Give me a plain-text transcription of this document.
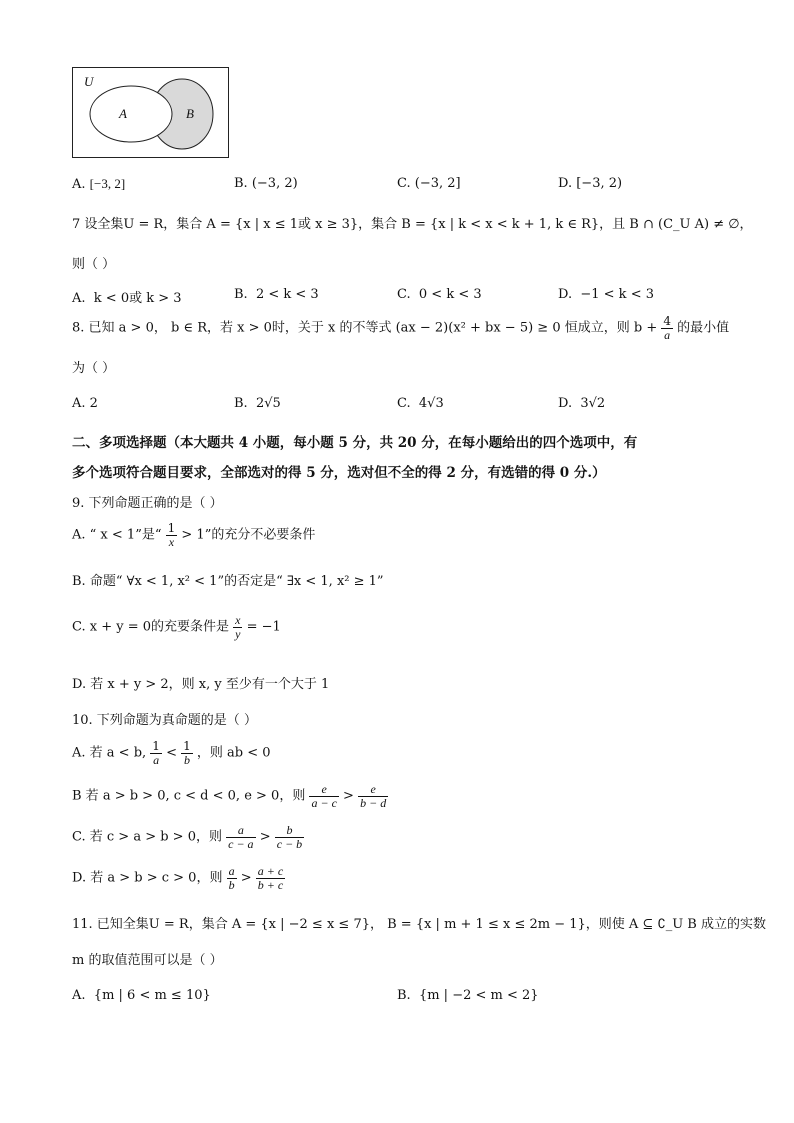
U
A	B
A. [−3, 2]	B. (−3, 2)	C. (−3, 2]	D. [−3, 2)
7 设全集U = R，集合 A = {x | x ≤ 1或 x ≥ 3}，集合 B = {x | k < x < k + 1, k ∈ R}，且 B ∩ (C_U A) ≠ ∅，
则（ ）
A. k < 0或 k > 3	B. 2 < k < 3	C. 0 < k < 3	D. −1 < k < 3
8. 已知 a > 0， b ∈ R，若 x > 0时，关于 x 的不等式 (ax − 2)(x² + bx − 5) ≥ 0 恒成立，则 $b + \frac{4}{a}$ 的最小值
为（ ）
A. 2	B. 2√5	C. 4√3	D. 3√2
二、多项选择题（本大题共 4 小题，每小题 5 分，共 20 分，在每小题给出的四个选项中，有
多个选项符合题目要求，全部选对的得 5 分，选对但不全的得 2 分，有选错的得 0 分.）
9. 下列命题正确的是（ ）
A. “ x < 1”是“ $\frac{1}{x} > 1$”的充分不必要条件
B. 命题“ ∀x < 1, x² < 1”的否定是“ ∃x < 1, x² ≥ 1”
C. x + y = 0的充要条件是 $\frac{x}{y} = -1$
D. 若 x + y > 2，则 x, y 至少有一个大于 1
10. 下列命题为真命题的是（ ）
A. 若 a < b, $\frac{1}{a} < \frac{1}{b}$ ，则 ab < 0
B 若 a > b > 0, c < d < 0, e > 0，则 $\frac{e}{a - c} > \frac{e}{b - d}$
C. 若 c > a > b > 0，则 $\frac{a}{c - a} > \frac{b}{c - b}$
D. 若 a > b > c > 0，则 $\frac{a}{b} > \frac{a + c}{b + c}$
11. 已知全集U = R，集合 A = {x | −2 ≤ x ≤ 7}， B = {x | m + 1 ≤ x ≤ 2m − 1}，则使 A ⊆ ∁_U B 成立的实数
m 的取值范围可以是（ ）
A. {m | 6 < m ≤ 10}	B. {m | −2 < m < 2}
